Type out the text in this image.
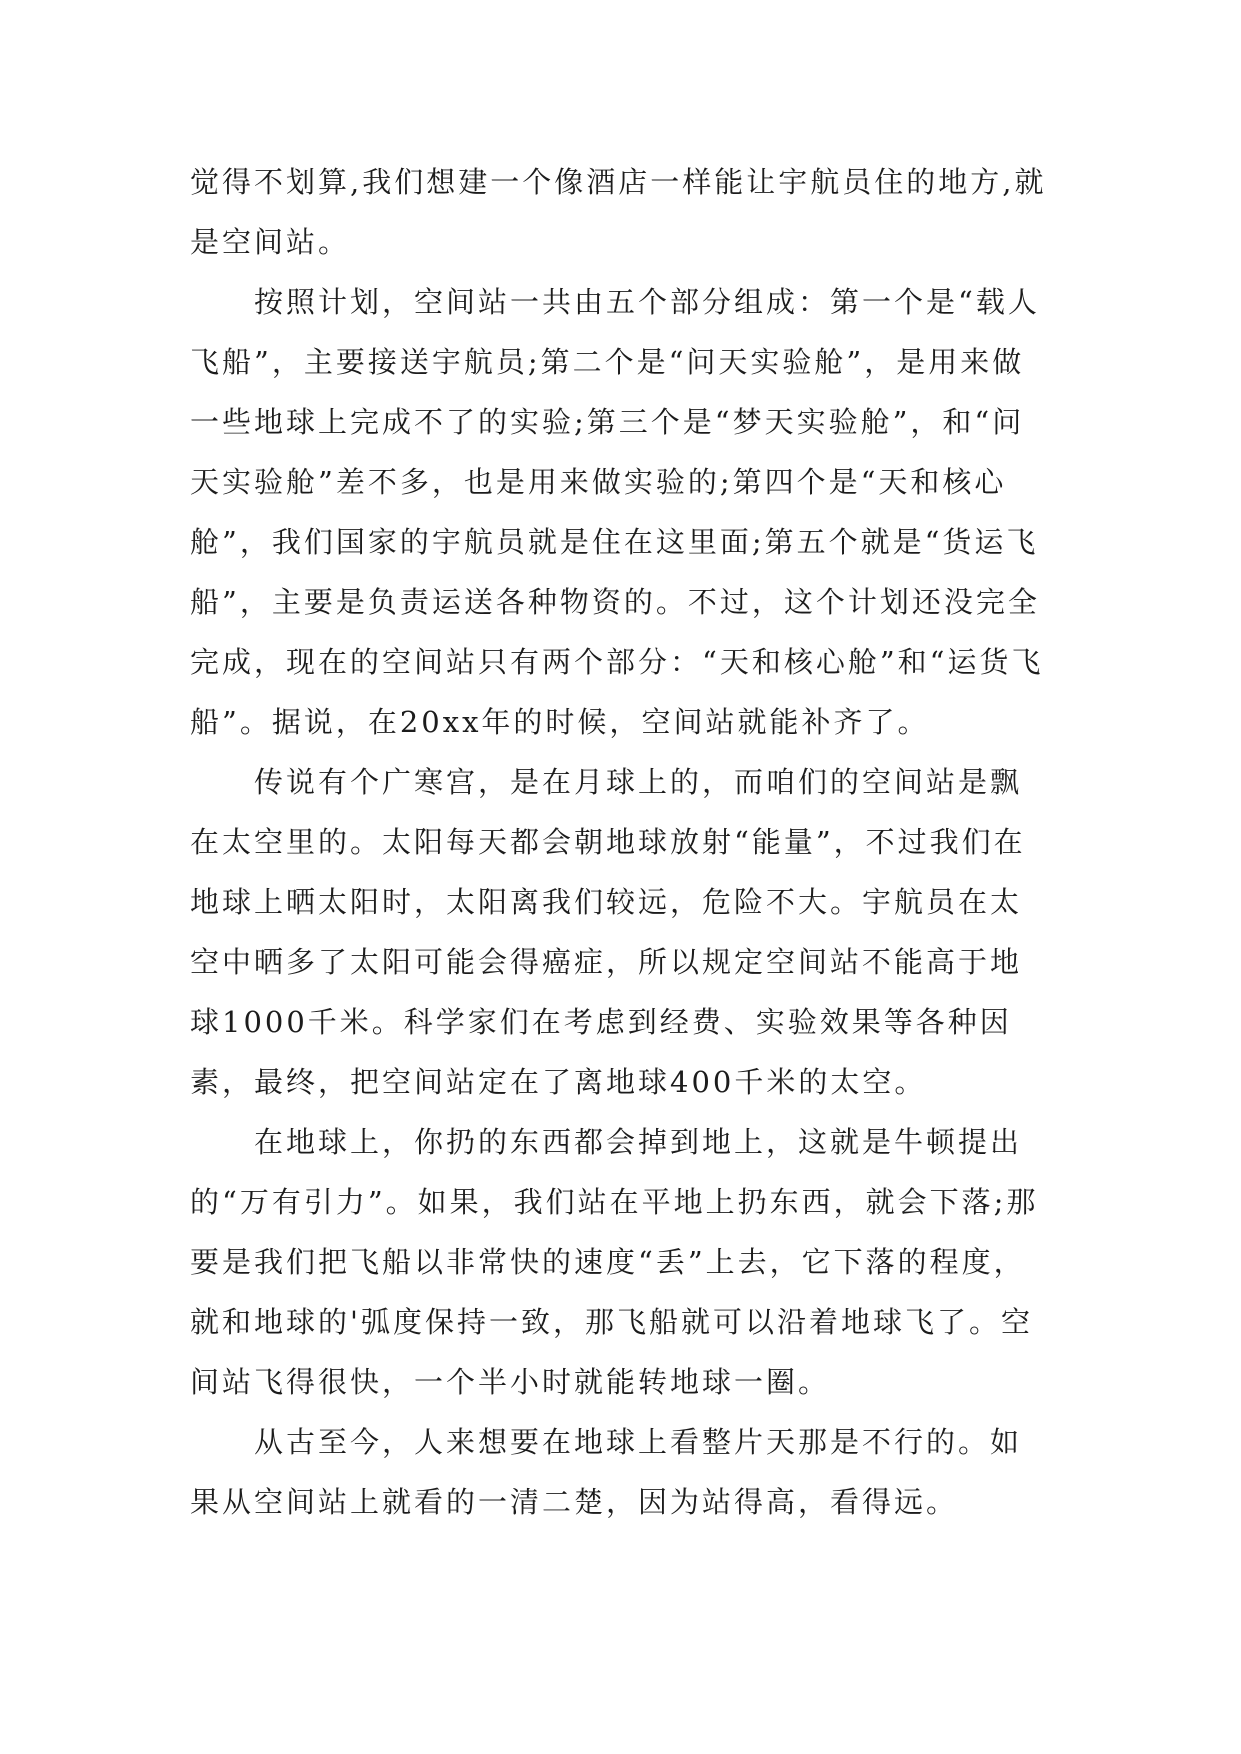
觉得不划算,我们想建一个像酒店一样能让宇航员住的地方,就是空间站。

按照计划，空间站一共由五个部分组成：第一个是“载人飞船”，主要接送宇航员;第二个是“问天实验舱”，是用来做一些地球上完成不了的实验;第三个是“梦天实验舱”，和“问天实验舱”差不多，也是用来做实验的;第四个是“天和核心舱”，我们国家的宇航员就是住在这里面;第五个就是“货运飞船”，主要是负责运送各种物资的。不过，这个计划还没完全完成，现在的空间站只有两个部分：“天和核心舱”和“运货飞船”。据说，在20xx年的时候，空间站就能补齐了。

传说有个广寒宫，是在月球上的，而咱们的空间站是飘在太空里的。太阳每天都会朝地球放射“能量”，不过我们在地球上晒太阳时，太阳离我们较远，危险不大。宇航员在太空中晒多了太阳可能会得癌症，所以规定空间站不能高于地球1000千米。科学家们在考虑到经费、实验效果等各种因素，最终，把空间站定在了离地球400千米的太空。

在地球上，你扔的东西都会掉到地上，这就是牛顿提出的“万有引力”。如果，我们站在平地上扔东西，就会下落;那要是我们把飞船以非常快的速度“丢”上去，它下落的程度，就和地球的'弧度保持一致，那飞船就可以沿着地球飞了。空间站飞得很快，一个半小时就能转地球一圈。

从古至今，人来想要在地球上看整片天那是不行的。如果从空间站上就看的一清二楚，因为站得高，看得远。
